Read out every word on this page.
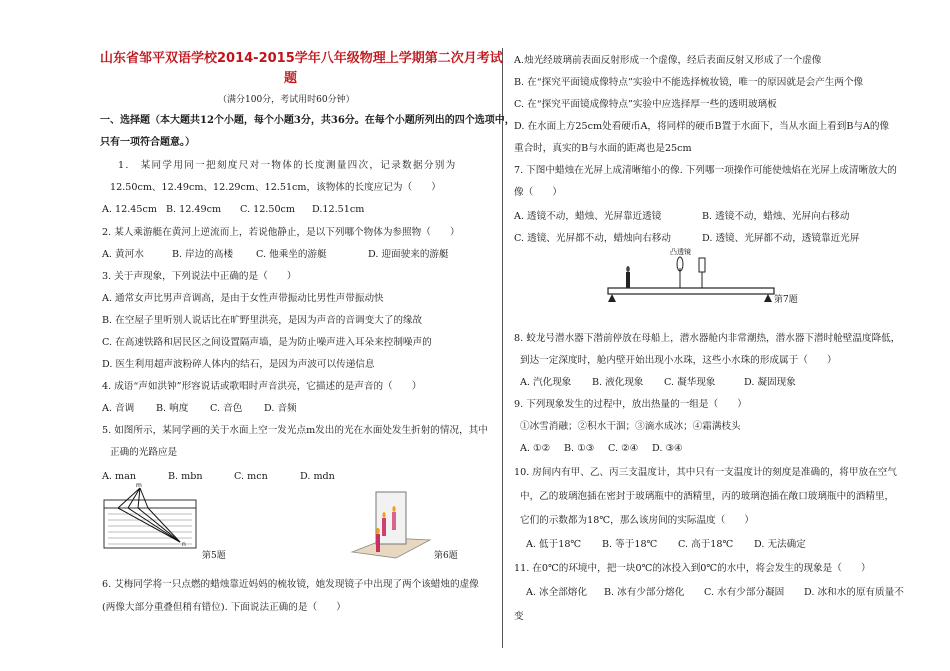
山东省邹平双语学校2014-2015学年八年级物理上学期第二次月考试
题
（满分100分，考试用时60分钟）
一、选择题（本大题共12个小题，每个小题3分，共36分。在每个小题所列出的四个选项中，
只有一项符合题意。）
1.　某同学用同一把刻度尺对一物体的长度测量四次，记录数据分别为
12.50cm、12.49cm、12.29cm、12.51cm，该物体的长度应记为（　　）
A. 12.45cm B. 12.49cm C. 12.50cm D.12.51cm
2. 某人乘游艇在黄河上逆流而上，若说他静止，是以下列哪个物体为参照物（　　）
A. 黄河水	B. 岸边的高楼 C. 他乘坐的游艇	D. 迎面驶来的游艇
3. 关于声现象，下列说法中正确的是（　　）
A. 通常女声比男声音调高，是由于女性声带振动比男性声带振动快
B. 在空屋子里听别人说话比在旷野里洪亮，是因为声音的音调变大了的缘故
C. 在高速铁路和居民区之间设置隔声墙，是为防止噪声进入耳朵来控制噪声的
D. 医生利用超声波粉碎人体内的结石，是因为声波可以传递信息
4. 成语“声如洪钟”形容说话或歌唱时声音洪亮，它描述的是声音的（　　）
A. 音调 B. 响度 C. 音色 D. 音频
5. 如图所示，某同学画的关于水面上空一发光点m发出的光在水面处发生折射的情况，其中
正确的光路应是
A. man	B. mbn	C. mcn	D. mdn
m
n
第5题	第6题
6. 艾梅同学将一只点燃的蜡烛靠近妈妈的梳妆镜，她发现镜子中出现了两个该蜡烛的虚像
(两像大部分重叠但稍有错位). 下面说法正确的是（　　）
A.烛光经玻璃前表面反射形成一个虚像，经后表面反射又形成了一个虚像
B. 在“探究平面镜成像特点”实验中不能选择梳妆镜，唯一的原因就是会产生两个像
C. 在“探究平面镜成像特点”实验中应选择厚一些的透明玻璃板
D. 在水面上方25cm处看硬币A，将同样的硬币B置于水面下，当从水面上看到B与A的像
重合时，真实的B与水面的距离也是25cm
7. 下图中蜡烛在光屏上成清晰缩小的像. 下列哪一项操作可能使烛焰在光屏上成清晰放大的
像（　　）
A. 透镜不动，蜡烛、光屏靠近透镜	B. 透镜不动，蜡烛、光屏向右移动
C. 透镜、光屏都不动，蜡烛向右移动	D. 透镜、光屏都不动，透镜靠近光屏
凸透镜
第7题
8. 蛟龙号潜水器下潜前停放在母船上，潜水器舱内非常潮热，潜水器下潜时舱壁温度降低，
到达一定深度时，舱内壁开始出现小水珠，这些小水珠的形成属于（　　）
A. 汽化现象 B. 液化现象 C. 凝华现象	D. 凝固现象
9. 下列现象发生的过程中，放出热量的一组是（　　）
①冰雪消融；②积水干涸；③滴水成冰；④霜满枝头
A. ①② B. ①③ C. ②④ D. ③④
10. 房间内有甲、乙、丙三支温度计，其中只有一支温度计的刻度是准确的，将甲放在空气
中，乙的玻璃泡插在密封于玻璃瓶中的酒精里，丙的玻璃泡插在敞口玻璃瓶中的酒精里，
它们的示数都为18℃，那么该房间的实际温度（　　）
A. 低于18℃ B. 等于18℃ C. 高于18℃ D. 无法确定
11. 在0℃的环境中，把一块0℃的冰投入到0℃的水中，将会发生的现象是（　　）
A. 冰全部熔化 B. 冰有少部分熔化 C. 水有少部分凝固 D. 冰和水的原有质量不
变
